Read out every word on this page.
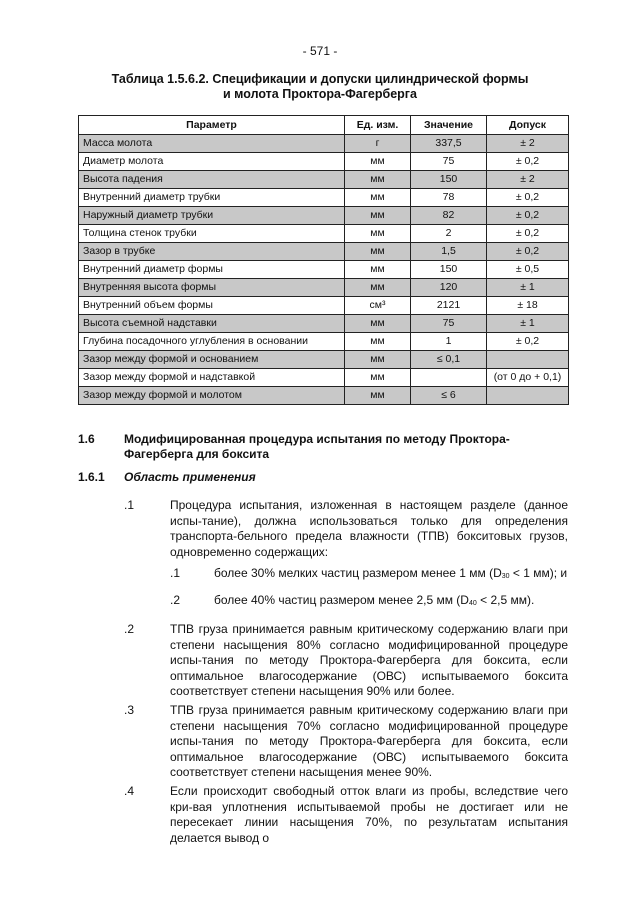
- 571 -
Таблица 1.5.6.2. Спецификации и допуски цилиндрической формы
и молота Проктора-Фагерберга
Параметр	Ед. изм.	Значение	Допуск
Масса молота	г	337,5	± 2
Диаметр молота	мм	75	± 0,2
Высота падения	мм	150	± 2
Внутренний диаметр трубки	мм	78	± 0,2
Наружный диаметр трубки	мм	82	± 0,2
Толщина стенок трубки	мм	2	± 0,2
Зазор в трубке	мм	1,5	± 0,2
Внутренний диаметр формы	мм	150	± 0,5
Внутренняя высота формы	мм	120	± 1
Внутренний объем формы	см³	2121	± 18
Высота съемной надставки	мм	75	± 1
Глубина посадочного углубления в основании	мм	1	± 0,2
Зазор между формой и основанием	мм	≤ 0,1	
Зазор между формой и надставкой	мм		(от 0 до + 0,1)
Зазор между формой и молотом	мм	≤ 6	
1.6 Модифицированная процедура испытания по методу Проктора-
Фагерберга для боксита
1.6.1 Область применения
.1	Процедура испытания, изложенная в настоящем разделе (данное испы-тание), должна использоваться только для определения транспорта-бельного предела влажности (ТПВ) бокситовых грузов, одновременно содержащих:
.1	более 30% мелких частиц размером менее 1 мм ($D_{30} < 1$ мм); и
.2	более 40% частиц размером менее 2,5 мм ($D_{40} < 2,5$ мм).
.2	ТПВ груза принимается равным критическому содержанию влаги при степени насыщения 80% согласно модифицированной процедуре испы-тания по методу Проктора-Фагерберга для боксита, если оптимальное влагосодержание (ОВС) испытываемого боксита соответствует степени насыщения 90% или более.
.3	ТПВ груза принимается равным критическому содержанию влаги при степени насыщения 70% согласно модифицированной процедуре испы-тания по методу Проктора-Фагерберга для боксита, если оптимальное влагосодержание (ОВС) испытываемого боксита соответствует степени насыщения менее 90%.
.4	Если происходит свободный отток влаги из пробы, вследствие чего кри-вая уплотнения испытываемой пробы не достигает или не пересекает линии насыщения 70%, по результатам испытания делается вывод о
